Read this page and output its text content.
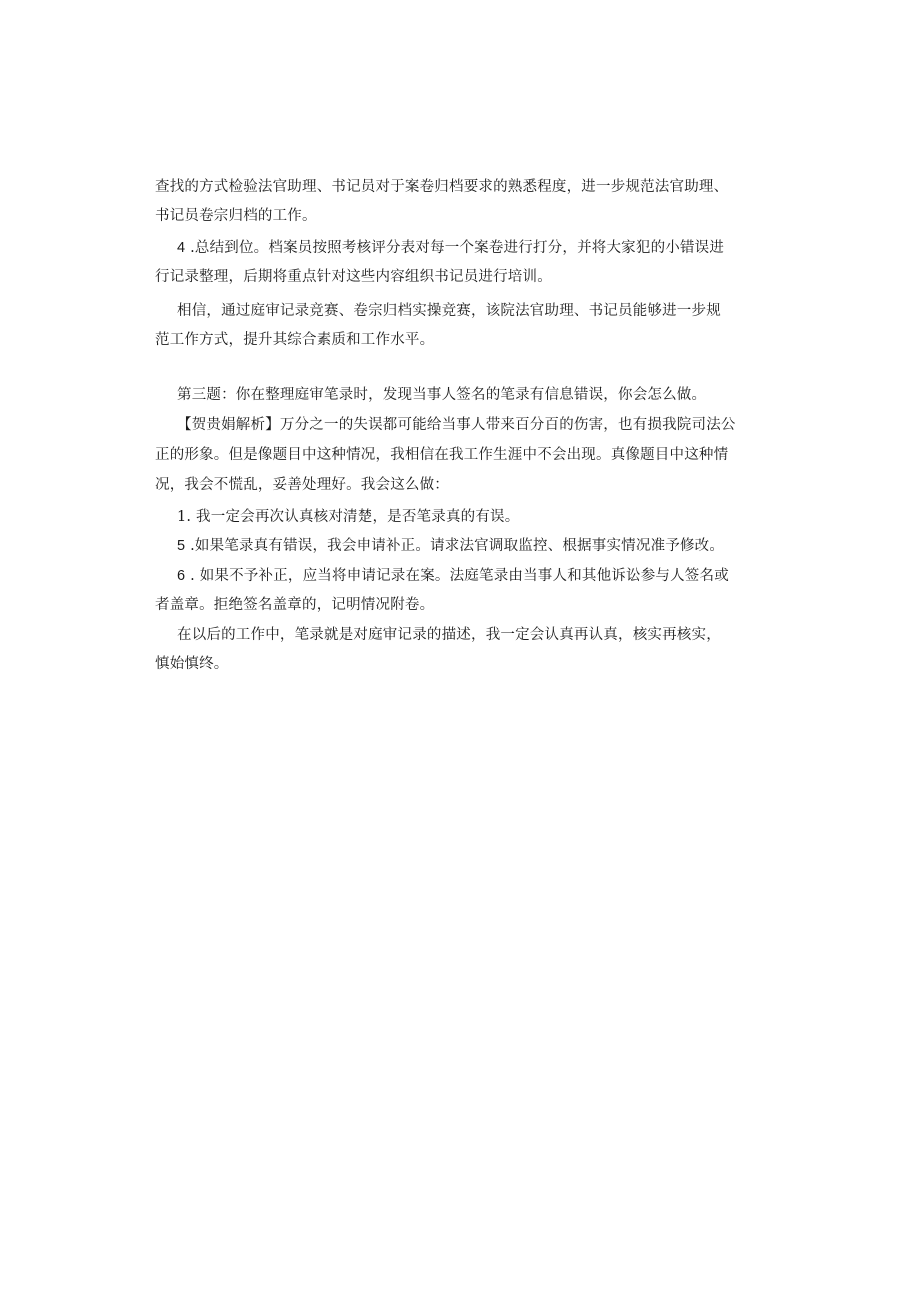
查找的方式检验法官助理、书记员对于案卷归档要求的熟悉程度，进一步规范法官助理、
书记员卷宗归档的工作。
4 .总结到位。档案员按照考核评分表对每一个案卷进行打分，并将大家犯的小错误进
行记录整理，后期将重点针对这些内容组织书记员进行培训。
相信，通过庭审记录竞赛、卷宗归档实操竞赛，该院法官助理、书记员能够进一步规
范工作方式，提升其综合素质和工作水平。
第三题：你在整理庭审笔录时，发现当事人签名的笔录有信息错误，你会怎么做。
【贺贵娟解析】万分之一的失误都可能给当事人带来百分百的伤害，也有损我院司法公
正的形象。但是像题目中这种情况，我相信在我工作生涯中不会出现。真像题目中这种情
况，我会不慌乱，妥善处理好。我会这么做：
1. 我一定会再次认真核对清楚，是否笔录真的有误。
5 .如果笔录真有错误，我会申请补正。请求法官调取监控、根据事实情况准予修改。
6 . 如果不予补正，应当将申请记录在案。法庭笔录由当事人和其他诉讼参与人签名或
者盖章。拒绝签名盖章的，记明情况附卷。
在以后的工作中，笔录就是对庭审记录的描述，我一定会认真再认真，核实再核实，
慎始慎终。
